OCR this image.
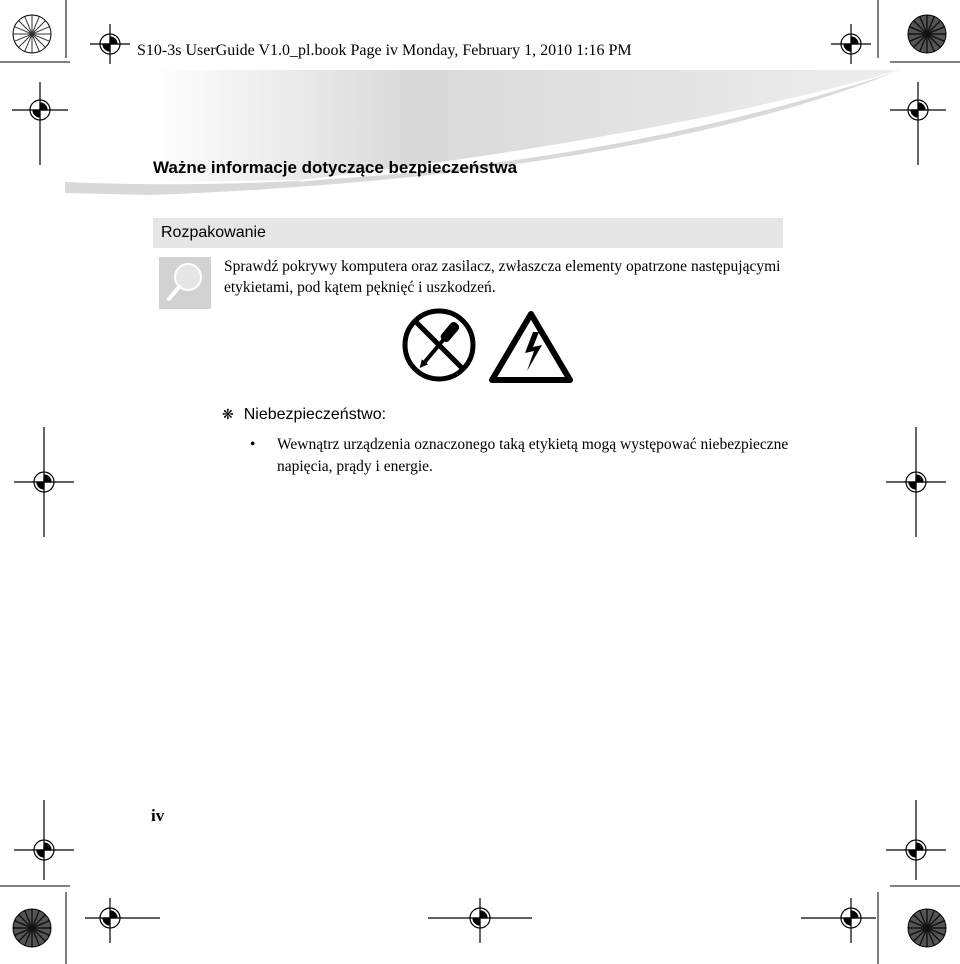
S10-3s UserGuide V1.0_pl.book Page iv Monday, February 1, 2010 1:16 PM
Ważne informacje dotyczące bezpieczeństwa
Rozpakowanie
Sprawdź pokrywy komputera oraz zasilacz, zwłaszcza elementy opatrzone następującymi etykietami, pod kątem pęknięć i uszkodzeń.
❋ Niebezpieczeństwo:
• Wewnątrz urządzenia oznaczonego taką etykietą mogą występować niebezpieczne napięcia, prądy i energie.
iv
